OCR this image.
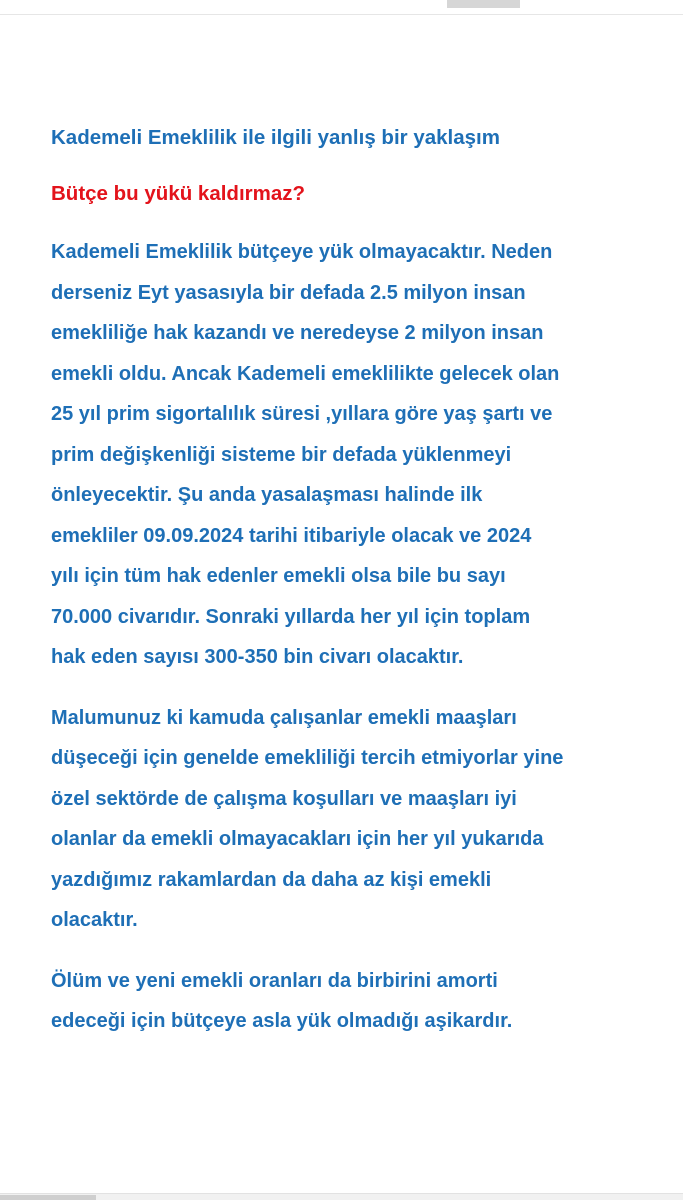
Kademeli Emeklilik ile ilgili yanlış bir yaklaşım
Bütçe bu yükü kaldırmaz?
Kademeli Emeklilik bütçeye yük olmayacaktır. Neden
derseniz Eyt yasasıyla bir defada 2.5 milyon insan
emekliliğe hak kazandı ve neredeyse 2 milyon insan
emekli oldu. Ancak Kademeli emeklilikte gelecek olan
25 yıl prim sigortalılık süresi ,yıllara göre yaş şartı ve
prim değişkenliği sisteme bir defada yüklenmeyi
önleyecektir. Şu anda yasalaşması halinde ilk
emekliler 09.09.2024 tarihi itibariyle olacak ve 2024
yılı için tüm hak edenler emekli olsa bile bu sayı
70.000 civarıdır. Sonraki yıllarda her yıl için toplam
hak eden sayısı 300-350 bin civarı olacaktır.
Malumunuz ki kamuda çalışanlar emekli maaşları
düşeceği için genelde emekliliği tercih etmiyorlar yine
özel sektörde de çalışma koşulları ve maaşları iyi
olanlar da emekli olmayacakları için her yıl yukarıda
yazdığımız rakamlardan da daha az kişi emekli
olacaktır.
Ölüm ve yeni emekli oranları da birbirini amorti
edeceği için bütçeye asla yük olmadığı aşikardır.
